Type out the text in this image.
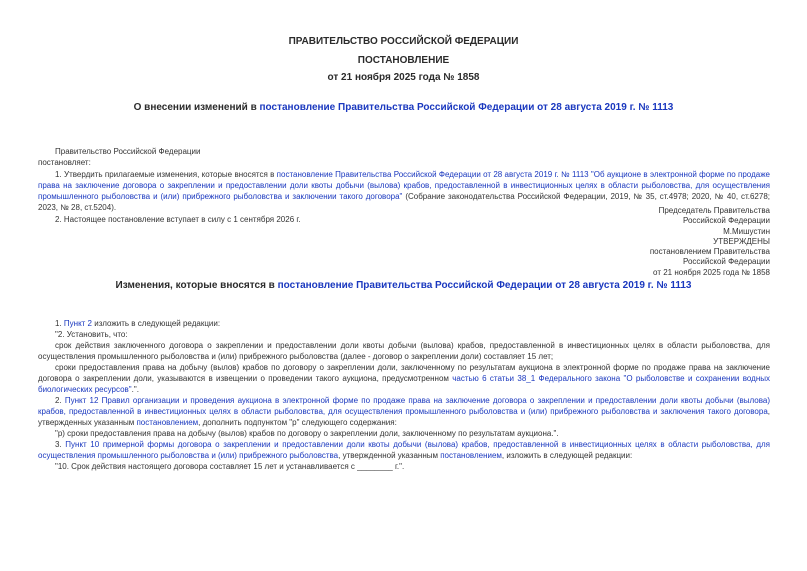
ПРАВИТЕЛЬСТВО РОССИЙСКОЙ ФЕДЕРАЦИИ
ПОСТАНОВЛЕНИЕ
от 21 ноября 2025 года № 1858
О внесении изменений в постановление Правительства Российской Федерации от 28 августа 2019 г. № 1113

Правительство Российской Федерации

постановляет:

1. Утвердить прилагаемые изменения, которые вносятся в постановление Правительства Российской Федерации от 28 августа 2019 г. № 1113 "Об аукционе в электронной форме по продаже права на заключение договора о закреплении и предоставлении доли квоты добычи (вылова) крабов, предоставленной в инвестиционных целях в области рыболовства, для осуществления промышленного рыболовства и (или) прибрежного рыболовства и заключении такого договора" (Собрание законодательства Российской Федерации, 2019, № 35, ст.4978; 2020, № 40, ст.6278; 2023, № 28, ст.5204).

2. Настоящее постановление вступает в силу с 1 сентября 2026 г.

Председатель Правительства
Российской Федерации
М.Мишустин
УТВЕРЖДЕНЫ
постановлением Правительства
Российской Федерации
от 21 ноября 2025 года № 1858
Изменения, которые вносятся в постановление Правительства Российской Федерации от 28 августа 2019 г. № 1113

1. Пункт 2 изложить в следующей редакции:

"2. Установить, что:

срок действия заключенного договора о закреплении и предоставлении доли квоты добычи (вылова) крабов, предоставленной в инвестиционных целях в области рыболовства, для осуществления промышленного рыболовства и (или) прибрежного рыболовства (далее - договор о закреплении доли) составляет 15 лет;

сроки предоставления права на добычу (вылов) крабов по договору о закреплении доли, заключенному по результатам аукциона в электронной форме по продаже права на заключение договора о закреплении доли, указываются в извещении о проведении такого аукциона, предусмотренном частью 6 статьи 38_1 Федерального закона "О рыболовстве и сохранении водных биологических ресурсов".".

2. Пункт 12 Правил организации и проведения аукциона в электронной форме по продаже права на заключение договора о закреплении и предоставлении доли квоты добычи (вылова) крабов, предоставленной в инвестиционных целях в области рыболовства, для осуществления промышленного рыболовства и (или) прибрежного рыболовства и заключения такого договора, утвержденных указанным постановлением, дополнить подпунктом "р" следующего содержания:

"р) сроки предоставления права на добычу (вылов) крабов по договору о закреплении доли, заключенному по результатам аукциона.".

3. Пункт 10 примерной формы договора о закреплении и предоставлении доли квоты добычи (вылова) крабов, предоставленной в инвестиционных целях в области рыболовства, для осуществления промышленного рыболовства и (или) прибрежного рыболовства, утвержденной указанным постановлением, изложить в следующей редакции:

"10. Срок действия настоящего договора составляет 15 лет и устанавливается с ________ г.".
